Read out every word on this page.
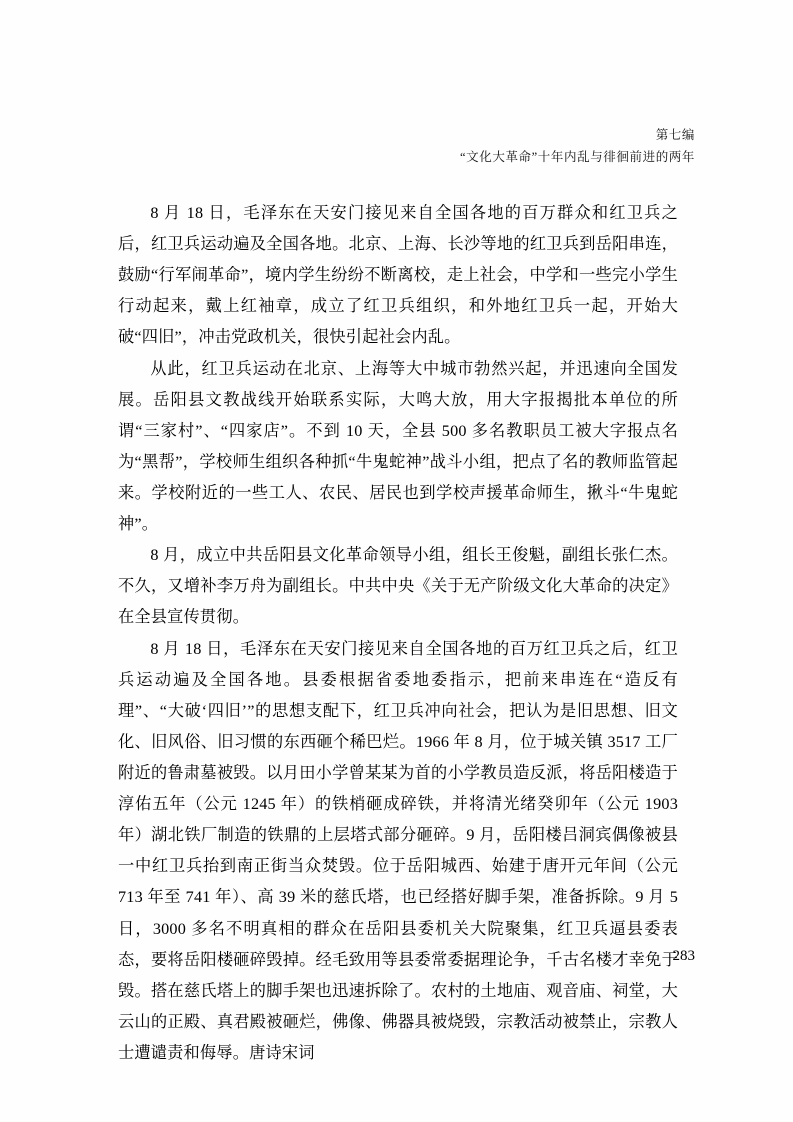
第七编
“文化大革命”十年内乱与徘徊前进的两年

8 月 18 日，毛泽东在天安门接见来自全国各地的百万群众和红卫兵之后，红卫兵运动遍及全国各地。北京、上海、长沙等地的红卫兵到岳阳串连，鼓励“行军闹革命”，境内学生纷纷不断离校，走上社会，中学和一些完小学生行动起来，戴上红袖章，成立了红卫兵组织，和外地红卫兵一起，开始大破“四旧”，冲击党政机关，很快引起社会内乱。

从此，红卫兵运动在北京、上海等大中城市勃然兴起，并迅速向全国发展。岳阳县文教战线开始联系实际，大鸣大放，用大字报揭批本单位的所谓“三家村”、“四家店”。不到 10 天，全县 500 多名教职员工被大字报点名为“黑帮”，学校师生组织各种抓“牛鬼蛇神”战斗小组，把点了名的教师监管起来。学校附近的一些工人、农民、居民也到学校声援革命师生，揪斗“牛鬼蛇神”。

8 月，成立中共岳阳县文化革命领导小组，组长王俊魁，副组长张仁杰。不久，又增补李万舟为副组长。中共中央《关于无产阶级文化大革命的决定》在全县宣传贯彻。

8 月 18 日，毛泽东在天安门接见来自全国各地的百万红卫兵之后，红卫兵运动遍及全国各地。县委根据省委地委指示，把前来串连在“造反有理”、“大破‘四旧’”的思想支配下，红卫兵冲向社会，把认为是旧思想、旧文化、旧风俗、旧习惯的东西砸个稀巴烂。1966 年 8 月，位于城关镇 3517 工厂附近的鲁肃墓被毁。以月田小学曾某某为首的小学教员造反派，将岳阳楼造于淳佑五年（公元 1245 年）的铁梢砸成碎铁，并将清光绪癸卯年（公元 1903 年）湖北铁厂制造的铁鼎的上层塔式部分砸碎。9 月，岳阳楼吕洞宾偶像被县一中红卫兵抬到南正街当众焚毁。位于岳阳城西、始建于唐开元年间（公元 713 年至 741 年）、高 39 米的慈氏塔，也已经搭好脚手架，准备拆除。9 月 5 日，3000 多名不明真相的群众在岳阳县委机关大院聚集，红卫兵逼县委表态，要将岳阳楼砸碎毁掉。经毛致用等县委常委据理论争，千古名楼才幸免于毁。搭在慈氏塔上的脚手架也迅速拆除了。农村的土地庙、观音庙、祠堂，大云山的正殿、真君殿被砸烂，佛像、佛器具被烧毁，宗教活动被禁止，宗教人士遭谴责和侮辱。唐诗宋词

283
